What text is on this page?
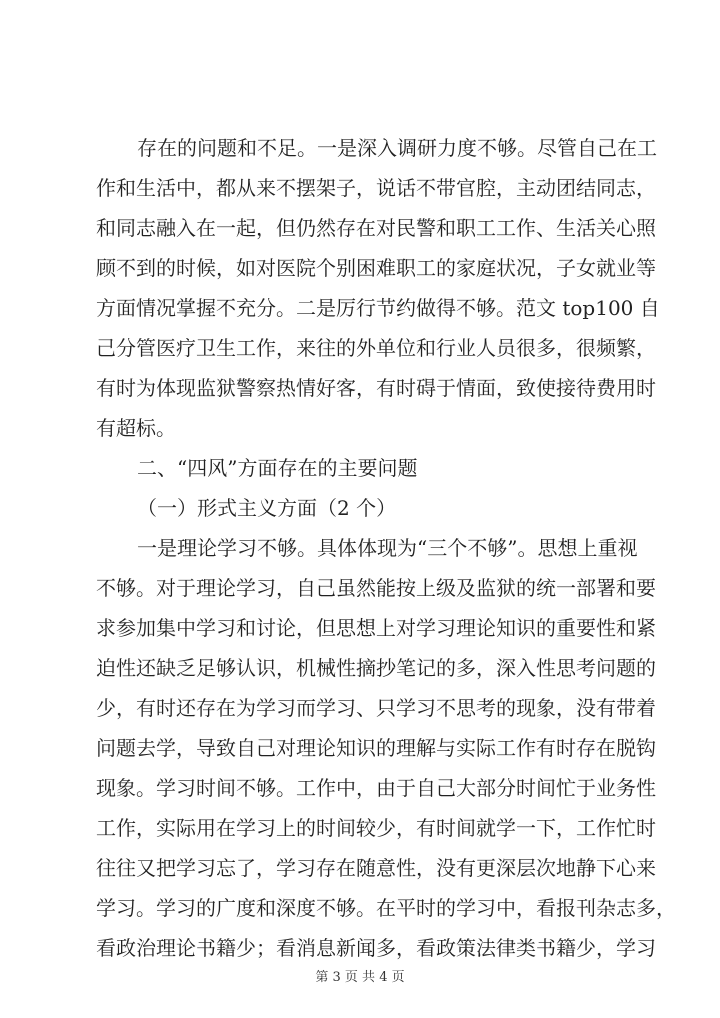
存在的问题和不足。一是深入调研力度不够。尽管自己在工
作和生活中，都从来不摆架子，说话不带官腔，主动团结同志，
和同志融入在一起，但仍然存在对民警和职工工作、生活关心照
顾不到的时候，如对医院个别困难职工的家庭状况，子女就业等
方面情况掌握不充分。二是厉行节约做得不够。范文 top100 自
己分管医疗卫生工作，来往的外单位和行业人员很多，很频繁，
有时为体现监狱警察热情好客，有时碍于情面，致使接待费用时
有超标。
二、“四风”方面存在的主要问题
（一）形式主义方面（2 个）
一是理论学习不够。具体体现为“三个不够”。思想上重视
不够。对于理论学习，自己虽然能按上级及监狱的统一部署和要
求参加集中学习和讨论，但思想上对学习理论知识的重要性和紧
迫性还缺乏足够认识，机械性摘抄笔记的多，深入性思考问题的
少，有时还存在为学习而学习、只学习不思考的现象，没有带着
问题去学，导致自己对理论知识的理解与实际工作有时存在脱钩
现象。学习时间不够。工作中，由于自己大部分时间忙于业务性
工作，实际用在学习上的时间较少，有时间就学一下，工作忙时
往往又把学习忘了，学习存在随意性，没有更深层次地静下心来
学习。学习的广度和深度不够。在平时的学习中，看报刊杂志多，
看政治理论书籍少；看消息新闻多，看政策法律类书籍少，学习
第 3 页 共 4 页
